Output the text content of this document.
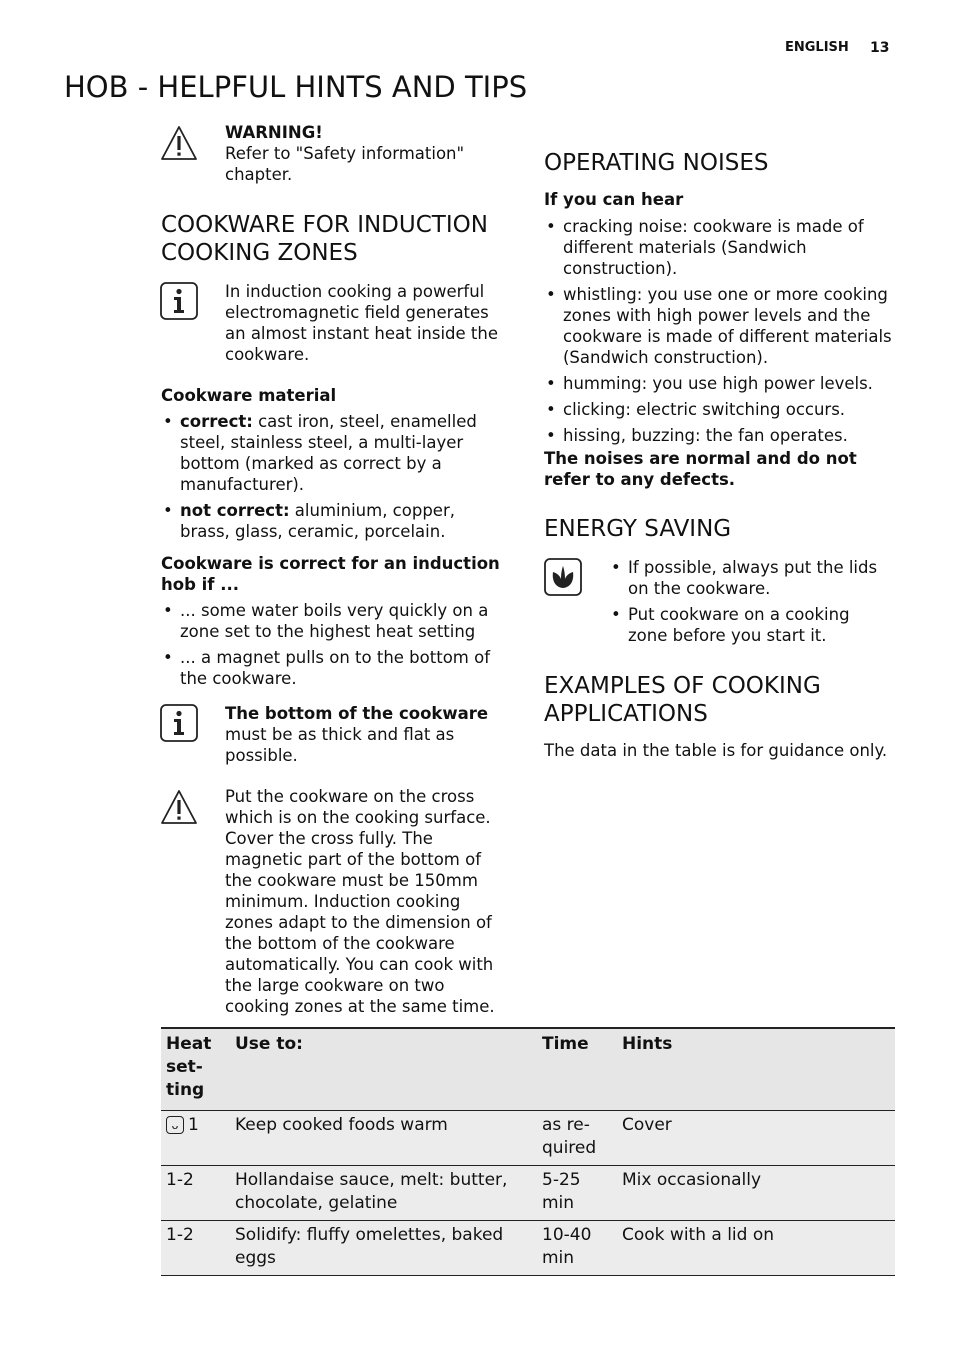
ENGLISH 13
HOB - HELPFUL HINTS AND TIPS
WARNING!
Refer to "Safety information" chapter.
COOKWARE FOR INDUCTION COOKING ZONES
In induction cooking a powerful electromagnetic field generates an almost instant heat inside the cookware.
Cookware material
• correct: cast iron, steel, enamelled steel, stainless steel, a multi-layer bottom (marked as correct by a manufacturer).
• not correct: aluminium, copper, brass, glass, ceramic, porcelain.
Cookware is correct for an induction hob if ...
• ... some water boils very quickly on a zone set to the highest heat setting
• ... a magnet pulls on to the bottom of the cookware.
The bottom of the cookware must be as thick and flat as possible.
Put the cookware on the cross which is on the cooking surface. Cover the cross fully. The magnetic part of the bottom of the cookware must be 150mm minimum. Induction cooking zones adapt to the dimension of the bottom of the cookware automatically. You can cook with the large cookware on two cooking zones at the same time.
OPERATING NOISES
If you can hear
• cracking noise: cookware is made of different materials (Sandwich construction).
• whistling: you use one or more cooking zones with high power levels and the cookware is made of different materials (Sandwich construction).
• humming: you use high power levels.
• clicking: electric switching occurs.
• hissing, buzzing: the fan operates.
The noises are normal and do not refer to any defects.
ENERGY SAVING
• If possible, always put the lids on the cookware.
• Put cookware on a cooking zone before you start it.
EXAMPLES OF COOKING APPLICATIONS
The data in the table is for guidance only.
Heat set-ting	Use to:	Time	Hints
ᴗ 1	Keep cooked foods warm	as re-quired	Cover
1-2	Hollandaise sauce, melt: butter, chocolate, gelatine	5-25 min	Mix occasionally
1-2	Solidify: fluffy omelettes, baked eggs	10-40 min	Cook with a lid on
